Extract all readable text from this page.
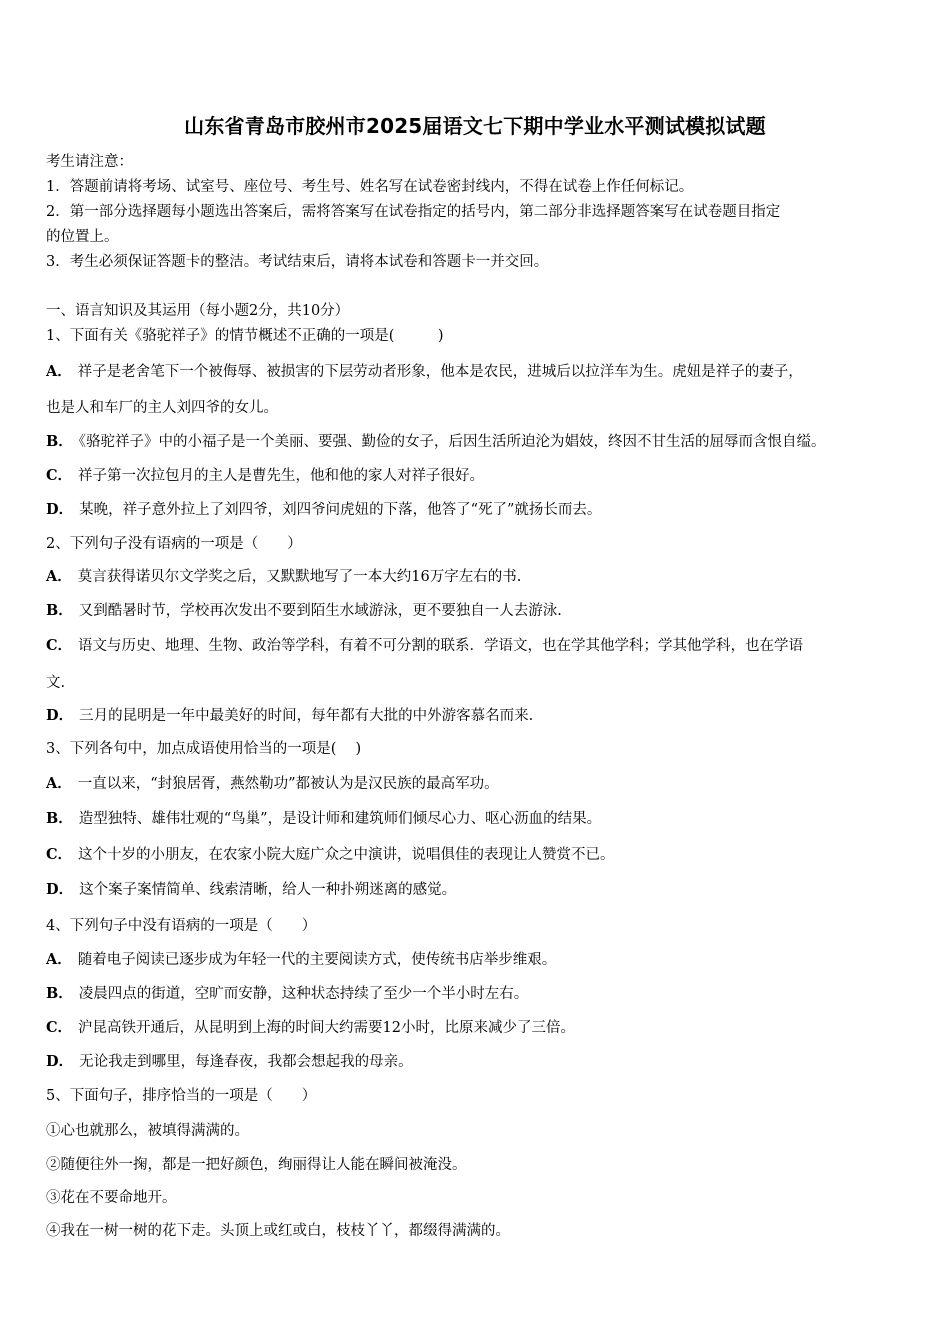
山东省青岛市胶州市2025届语文七下期中学业水平测试模拟试题
考生请注意：
1．答题前请将考场、试室号、座位号、考生号、姓名写在试卷密封线内，不得在试卷上作任何标记。
2．第一部分选择题每小题选出答案后，需将答案写在试卷指定的括号内，第二部分非选择题答案写在试卷题目指定
的位置上。
3．考生必须保证答题卡的整洁。考试结束后，请将本试卷和答题卡一并交回。
一、语言知识及其运用（每小题2分，共10分）
1、下面有关《骆驼祥子》的情节概述不正确的一项是(　　　)
A． 祥子是老舍笔下一个被侮辱、被损害的下层劳动者形象，他本是农民，进城后以拉洋车为生。虎妞是祥子的妻子，
也是人和车厂的主人刘四爷的女儿。
B． 《骆驼祥子》中的小福子是一个美丽、要强、勤俭的女子，后因生活所迫沦为娼妓，终因不甘生活的屈辱而含恨自缢。
C． 祥子第一次拉包月的主人是曹先生，他和他的家人对祥子很好。
D． 某晚，祥子意外拉上了刘四爷，刘四爷问虎妞的下落，他答了“死了”就扬长而去。
2、下列句子没有语病的一项是（　　）
A． 莫言获得诺贝尔文学奖之后，又默默地写了一本大约16万字左右的书.
B． 又到酷暑时节，学校再次发出不要到陌生水域游泳，更不要独自一人去游泳.
C． 语文与历史、地理、生物、政治等学科，有着不可分割的联系．学语文，也在学其他学科；学其他学科，也在学语
文.
D． 三月的昆明是一年中最美好的时间，每年都有大批的中外游客慕名而来.
3、下列各句中，加点成语使用恰当的一项是(　 )
A． 一直以来，“封狼居胥，燕然勒功”都被认为是汉民族的最高军功。
B． 造型独特、雄伟壮观的“鸟巢”，是设计师和建筑师们倾尽心力、呕心沥血的结果。
C． 这个十岁的小朋友，在农家小院大庭广众之中演讲，说唱俱佳的表现让人赞赏不已。
D． 这个案子案情简单、线索清晰，给人一种扑朔迷离的感觉。
4、下列句子中没有语病的一项是（　　）
A． 随着电子阅读已逐步成为年轻一代的主要阅读方式，使传统书店举步维艰。
B． 凌晨四点的街道，空旷而安静，这种状态持续了至少一个半小时左右。
C． 沪昆高铁开通后，从昆明到上海的时间大约需要12小时，比原来减少了三倍。
D． 无论我走到哪里，每逢春夜，我都会想起我的母亲。
5、下面句子，排序恰当的一项是（　　）
①心也就那么，被填得满满的。
②随便往外一掬，都是一把好颜色，绚丽得让人能在瞬间被淹没。
③花在不要命地开。
④我在一树一树的花下走。头顶上或红或白，枝枝丫丫，都缀得满满的。
